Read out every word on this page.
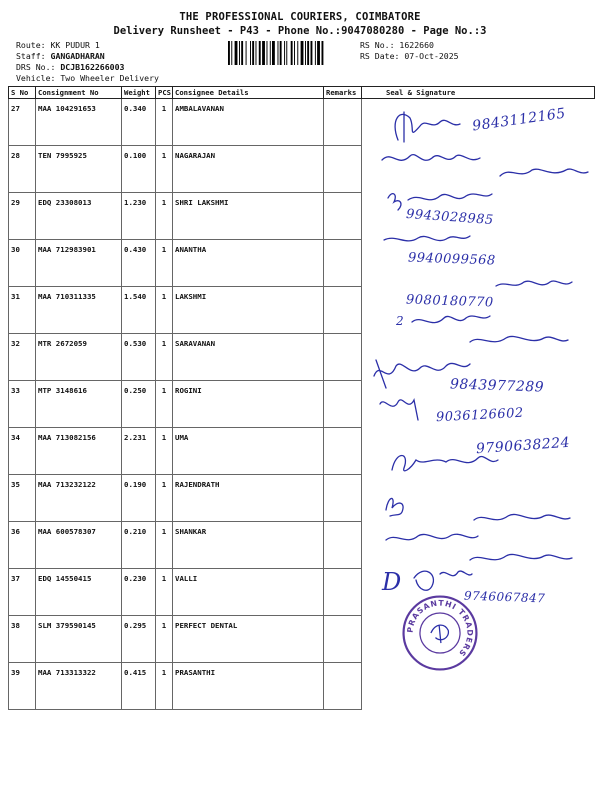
THE PROFESSIONAL COURIERS, COIMBATORE
Delivery Runsheet - P43 - Phone No.:9047080280 - Page No.:3
Route: KK PUDUR 1
Staff: GANGADHARAN
DRS No.: DCJB162266003
Vehicle: Two Wheeler Delivery
RS No.: 1622660
RS Date: 07-Oct-2025
S No	Consignment No	Weight	PCS	Consignee Details	Remarks	Seal & Signature
27	MAA 104291653	0.340	1	AMBALAVANAN		
28	TEN 7995925	0.100	1	NAGARAJAN		
29	EDQ 23308013	1.230	1	SHRI LAKSHMI		
30	MAA 712983901	0.430	1	ANANTHA		
31	MAA 710311335	1.540	1	LAKSHMI		
32	MTR 2672059	0.530	1	SARAVANAN		
33	MTP 3148616	0.250	1	ROGINI		
34	MAA 713082156	2.231	1	UMA		
35	MAA 713232122	0.190	1	RAJENDRATH		
36	MAA 600578307	0.210	1	SHANKAR		
37	EDQ 14550415	0.230	1	VALLI		
38	SLM 379590145	0.295	1	PERFECT DENTAL		
39	MAA 713313322	0.415	1	PRASANTHI		
9843112165
9943028985
9940099568
9080180770
2
9843977289
9036126602
9790638224
9746067847
D
PRASANTHI TRADERS
